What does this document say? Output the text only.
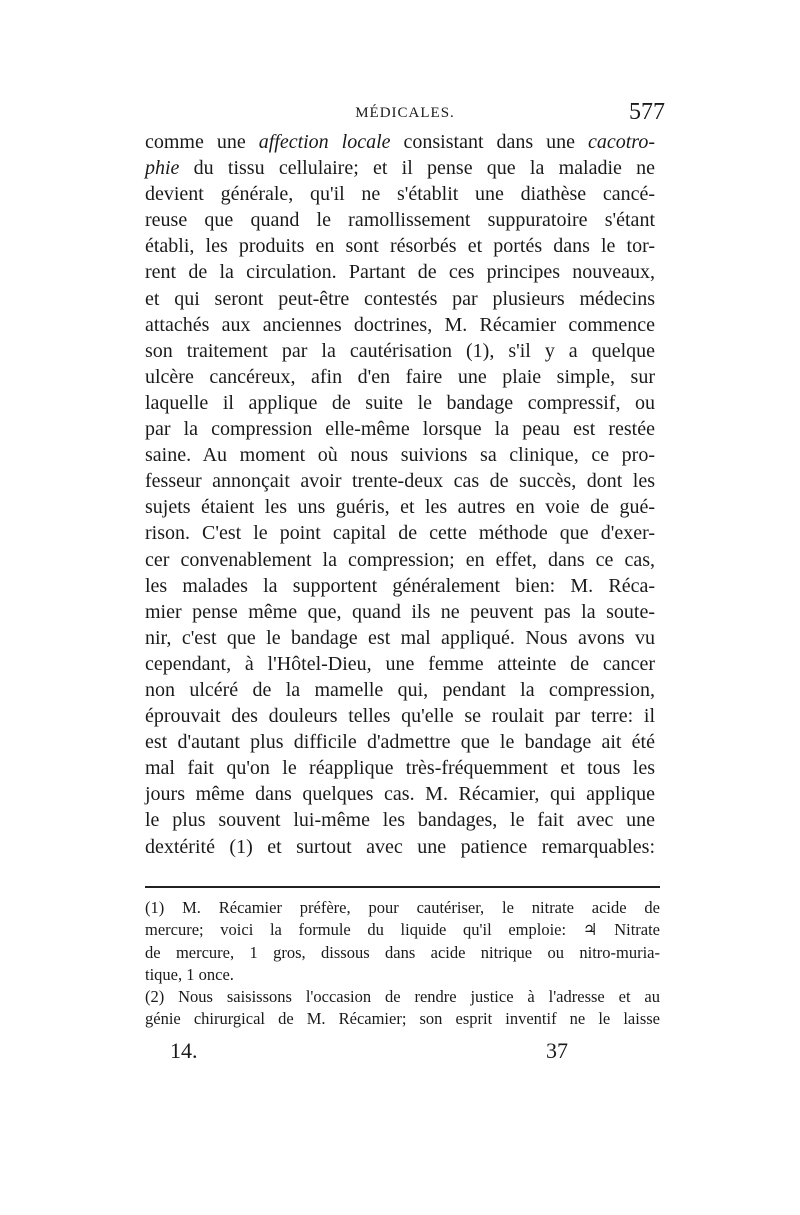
MÉDICALES.	577
comme une affection locale consistant dans une cacotro-
phie du tissu cellulaire; et il pense que la maladie ne
devient générale, qu'il ne s'établit une diathèse cancé-
reuse que quand le ramollissement suppuratoire s'étant
établi, les produits en sont résorbés et portés dans le tor-
rent de la circulation. Partant de ces principes nouveaux,
et qui seront peut-être contestés par plusieurs médecins
attachés aux anciennes doctrines, M. Récamier commence
son traitement par la cautérisation (1), s'il y a quelque
ulcère cancéreux, afin d'en faire une plaie simple, sur
laquelle il applique de suite le bandage compressif, ou
par la compression elle-même lorsque la peau est restée
saine. Au moment où nous suivions sa clinique, ce pro-
fesseur annonçait avoir trente-deux cas de succès, dont les
sujets étaient les uns guéris, et les autres en voie de gué-
rison. C'est le point capital de cette méthode que d'exer-
cer convenablement la compression; en effet, dans ce cas,
les malades la supportent généralement bien: M. Réca-
mier pense même que, quand ils ne peuvent pas la soute-
nir, c'est que le bandage est mal appliqué. Nous avons vu
cependant, à l'Hôtel-Dieu, une femme atteinte de cancer
non ulcéré de la mamelle qui, pendant la compression,
éprouvait des douleurs telles qu'elle se roulait par terre: il
est d'autant plus difficile d'admettre que le bandage ait été
mal fait qu'on le réapplique très-fréquemment et tous les
jours même dans quelques cas. M. Récamier, qui applique
le plus souvent lui-même les bandages, le fait avec une
dextérité (1) et surtout avec une patience remarquables:
(1) M. Récamier préfère, pour cautériser, le nitrate acide de
mercure; voici la formule du liquide qu'il emploie: ♃ Nitrate
de mercure, 1 gros, dissous dans acide nitrique ou nitro-muria-
tique, 1 once.
(2) Nous saisissons l'occasion de rendre justice à l'adresse et au
génie chirurgical de M. Récamier; son esprit inventif ne le laisse
14.	37
